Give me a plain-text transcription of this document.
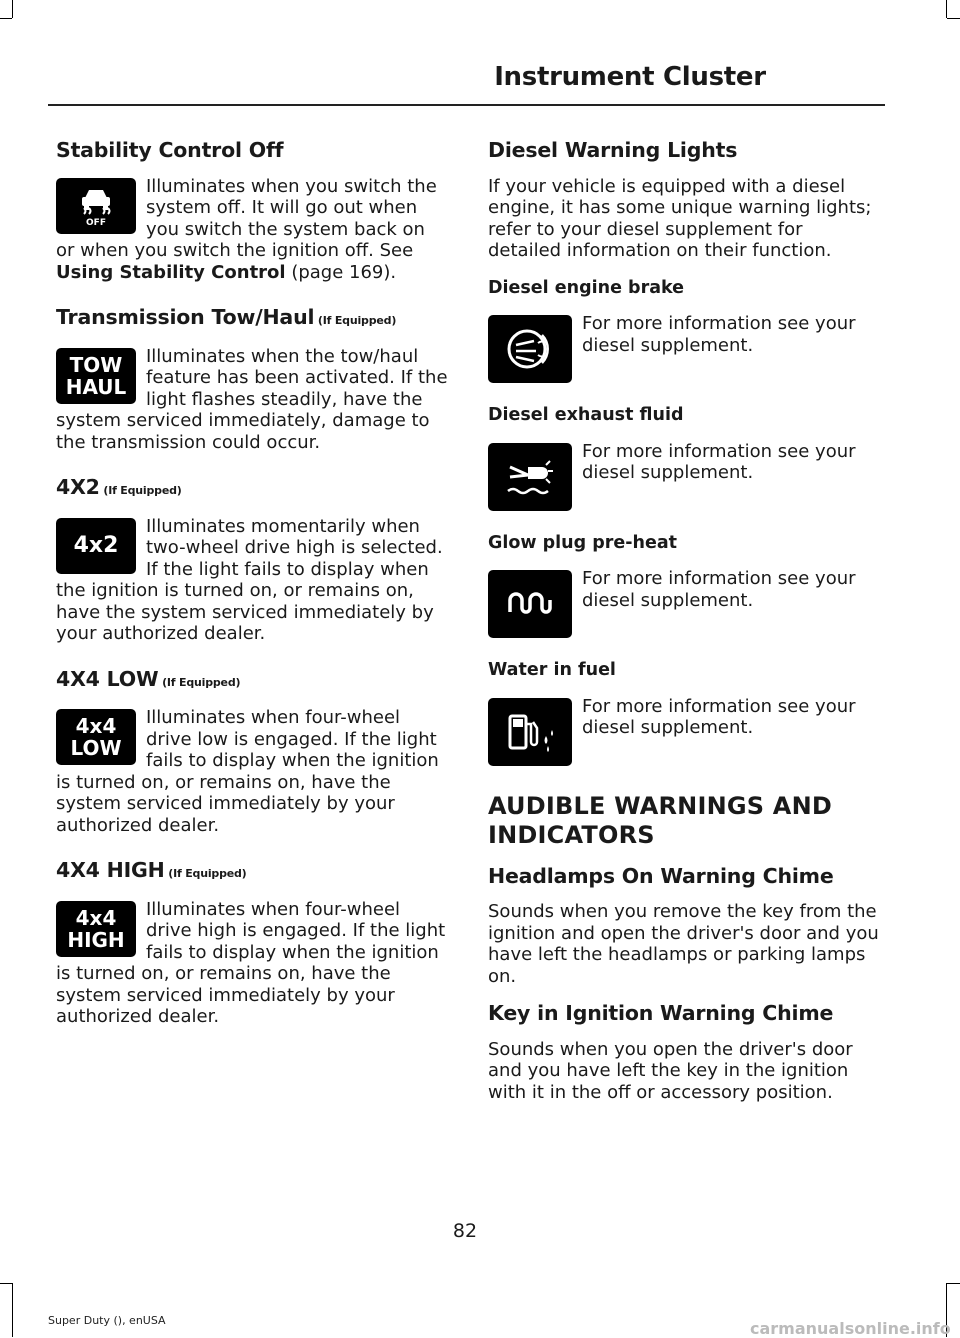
Instrument Cluster
Stability Control Off
OFF

Illuminates when you switch the system off. It will go out when you switch the system back on or when you switch the ignition off. See Using Stability Control (page 169).

Transmission Tow/Haul (If Equipped)
TOW
HAUL

Illuminates when the tow/haul feature has been activated. If the light flashes steadily, have the system serviced immediately, damage to the transmission could occur.

4X2 (If Equipped)
4x2

Illuminates momentarily when two-wheel drive high is selected. If the light fails to display when the ignition is turned on, or remains on, have the system serviced immediately by your authorized dealer.

4X4 LOW (If Equipped)
4x4
LOW

Illuminates when four-wheel drive low is engaged. If the light fails to display when the ignition is turned on, or remains on, have the system serviced immediately by your authorized dealer.

4X4 HIGH (If Equipped)
4x4
HIGH

Illuminates when four-wheel drive high is engaged. If the light fails to display when the ignition is turned on, or remains on, have the system serviced immediately by your authorized dealer.

Diesel Warning Lights

If your vehicle is equipped with a diesel engine, it has some unique warning lights; refer to your diesel supplement for detailed information on their function.

Diesel engine brake

For more information see your diesel supplement.

Diesel exhaust fluid

For more information see your diesel supplement.

Glow plug pre-heat

For more information see your diesel supplement.

Water in fuel

For more information see your diesel supplement.

AUDIBLE WARNINGS AND
INDICATORS
Headlamps On Warning Chime

Sounds when you remove the key from the ignition and open the driver's door and you have left the headlamps or parking lamps on.

Key in Ignition Warning Chime

Sounds when you open the driver's door and you have left the key in the ignition with it in the off or accessory position.

82
Super Duty (), enUSA	carmanualsonline.info
